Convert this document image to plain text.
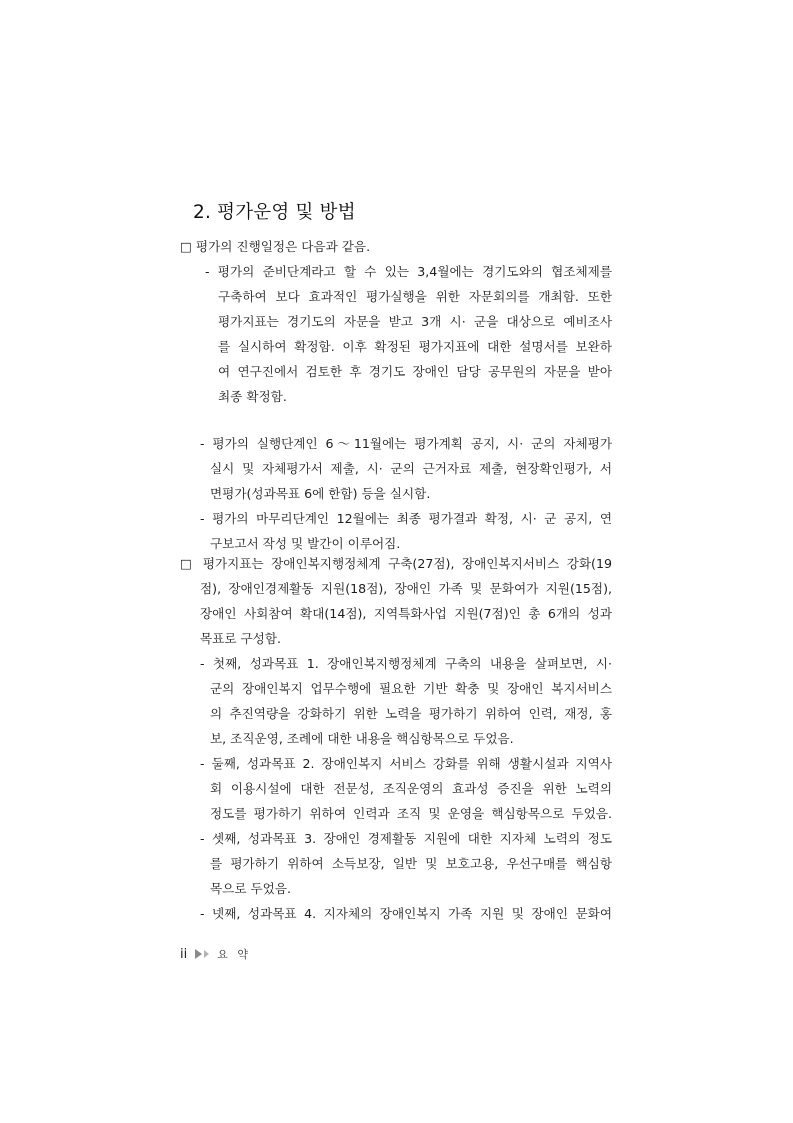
2. 평가운영 및 방법
□ 평가의 진행일정은 다음과 같음.
- 평가의 준비단계라고 할 수 있는 3,4월에는 경기도와의 협조체제를
구축하여 보다 효과적인 평가실행을 위한 자문회의를 개최함. 또한
평가지표는 경기도의 자문을 받고 3개 시· 군을 대상으로 예비조사
를 실시하여 확정함. 이후 확정된 평가지표에 대한 설명서를 보완하
여 연구진에서 검토한 후 경기도 장애인 담당 공무원의 자문을 받아
최종 확정함.
- 평가의 실행단계인 6～11월에는 평가계획 공지, 시· 군의 자체평가
실시 및 자체평가서 제출, 시· 군의 근거자료 제출, 현장확인평가, 서
면평가(성과목표 6에 한함) 등을 실시함.
- 평가의 마무리단계인 12월에는 최종 평가결과 확정, 시· 군 공지, 연
구보고서 작성 및 발간이 이루어짐.
□ 평가지표는 장애인복지행정체계 구축(27점), 장애인복지서비스 강화(19
점), 장애인경제활동 지원(18점), 장애인 가족 및 문화여가 지원(15점),
장애인 사회참여 확대(14점), 지역특화사업 지원(7점)인 총 6개의 성과
목표로 구성함.
- 첫째, 성과목표 1. 장애인복지행정체계 구축의 내용을 살펴보면, 시·
군의 장애인복지 업무수행에 필요한 기반 확충 및 장애인 복지서비스
의 추진역량을 강화하기 위한 노력을 평가하기 위하여 인력, 재정, 홍
보, 조직운영, 조례에 대한 내용을 핵심항목으로 두었음.
- 둘째, 성과목표 2. 장애인복지 서비스 강화를 위해 생활시설과 지역사
회 이용시설에 대한 전문성, 조직운영의 효과성 증진을 위한 노력의
정도를 평가하기 위하여 인력과 조직 및 운영을 핵심항목으로 두었음.
- 셋째, 성과목표 3. 장애인 경제활동 지원에 대한 지자체 노력의 정도
를 평가하기 위하여 소득보장, 일반 및 보호고용, 우선구매를 핵심항
목으로 두었음.
- 넷째, 성과목표 4. 지자체의 장애인복지 가족 지원 및 장애인 문화여
ii	요 약
